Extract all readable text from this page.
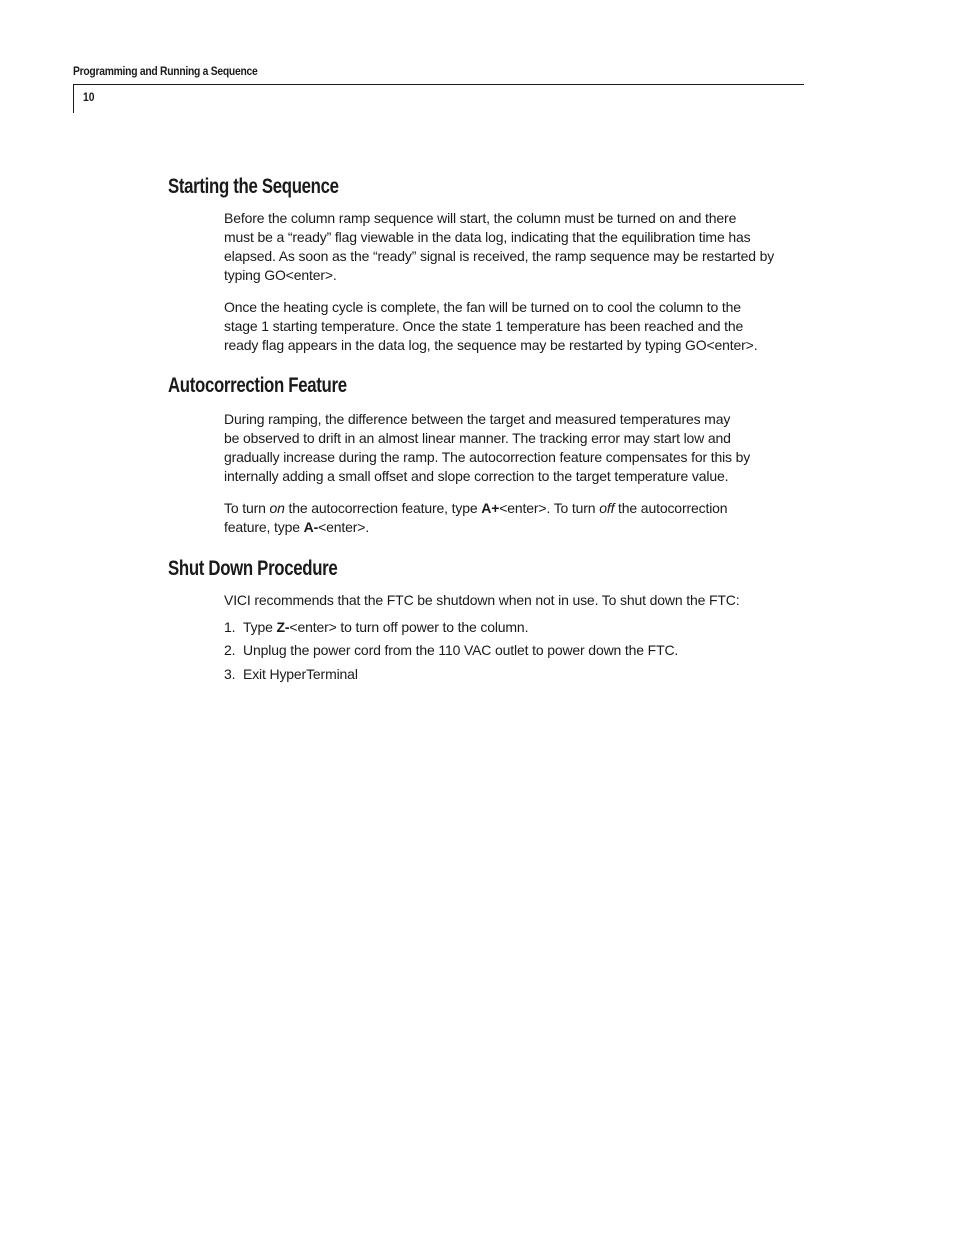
Programming and Running a Sequence
10
Starting the Sequence

Before the column ramp sequence will start, the column must be turned on and there
must be a “ready” flag viewable in the data log, indicating that the equilibration time has
elapsed. As soon as the “ready” signal is received, the ramp sequence may be restarted by
typing GO<enter>.

Once the heating cycle is complete, the fan will be turned on to cool the column to the
stage 1 starting temperature. Once the state 1 temperature has been reached and the
ready flag appears in the data log, the sequence may be restarted by typing GO<enter>.

Autocorrection Feature

During ramping, the difference between the target and measured temperatures may
be observed to drift in an almost linear manner. The tracking error may start low and
gradually increase during the ramp. The autocorrection feature compensates for this by
internally adding a small offset and slope correction to the target temperature value.

To turn on the autocorrection feature, type A+<enter>. To turn off the autocorrection
feature, type A-<enter>.

Shut Down Procedure

VICI recommends that the FTC be shutdown when not in use. To shut down the FTC:

1. Type Z-<enter> to turn off power to the column.
2. Unplug the power cord from the 110 VAC outlet to power down the FTC.
3. Exit HyperTerminal
